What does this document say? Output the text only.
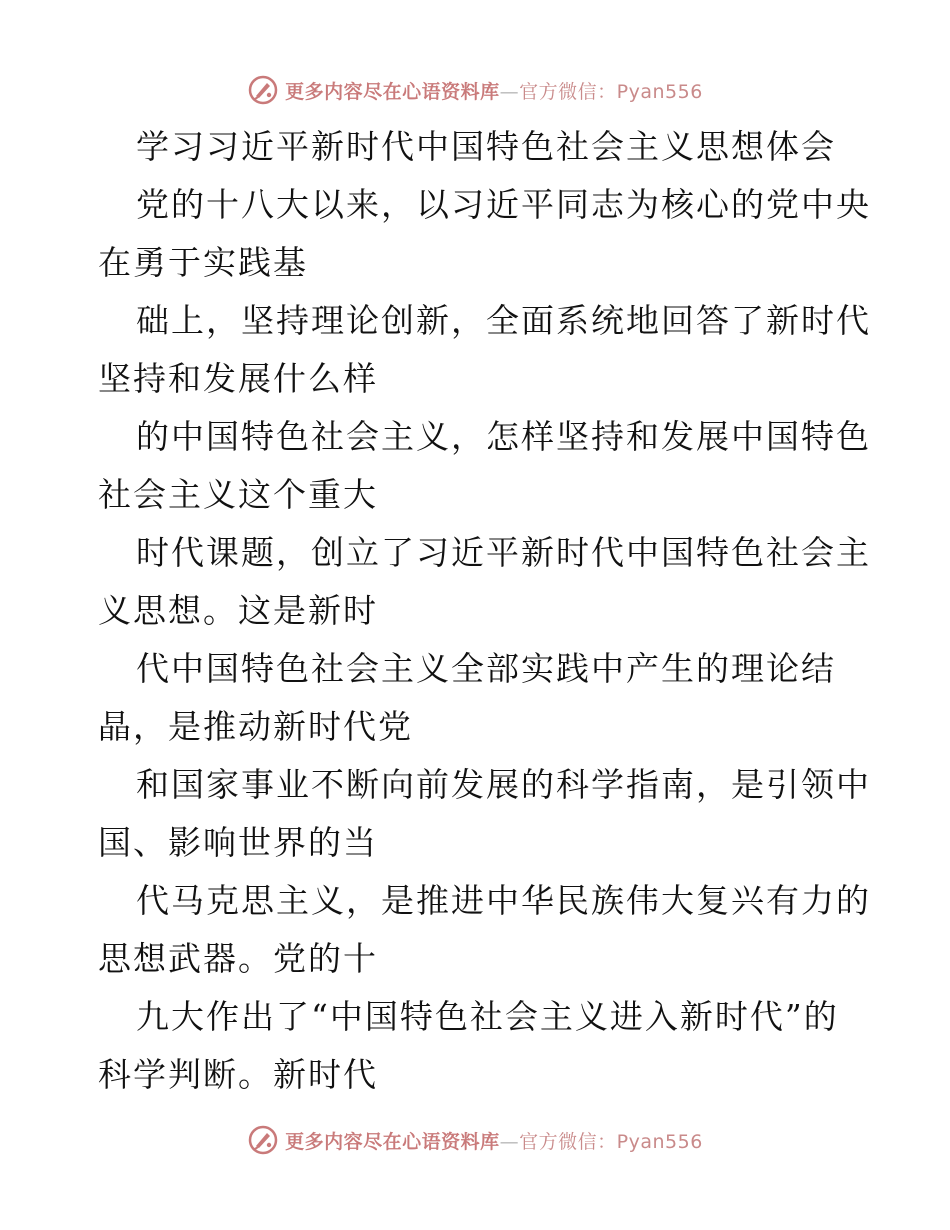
更多内容尽在心语资料库—官方微信：Pyan556
学习习近平新时代中国特色社会主义思想体会
党的十八大以来，以习近平同志为核心的党中央
在勇于实践基
础上，坚持理论创新，全面系统地回答了新时代
坚持和发展什么样
的中国特色社会主义，怎样坚持和发展中国特色
社会主义这个重大
时代课题，创立了习近平新时代中国特色社会主
义思想。这是新时
代中国特色社会主义全部实践中产生的理论结
晶，是推动新时代党
和国家事业不断向前发展的科学指南，是引领中
国、影响世界的当
代马克思主义，是推进中华民族伟大复兴有力的
思想武器。党的十
九大作出了“中国特色社会主义进入新时代”的
科学判断。新时代
更多内容尽在心语资料库—官方微信：Pyan556
